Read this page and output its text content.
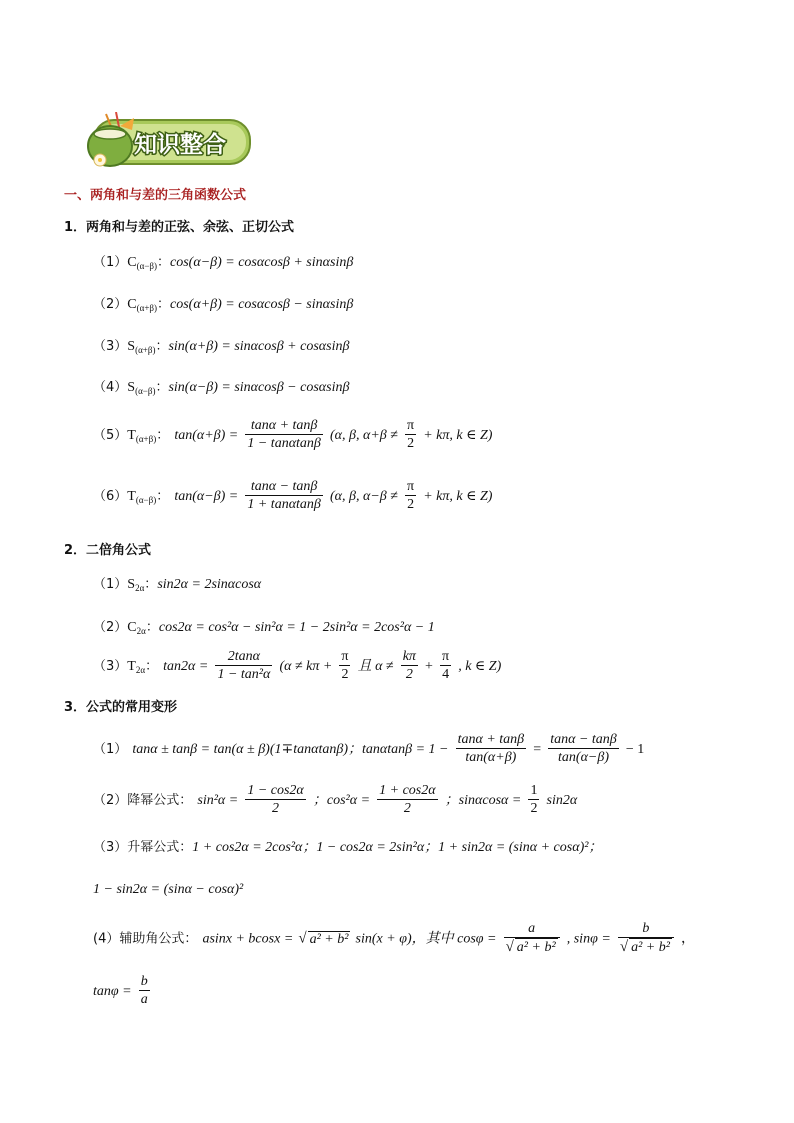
知识整合
一、两角和与差的三角函数公式
1．两角和与差的正弦、余弦、正切公式
$(1)C_{(\alpha-\beta)}$：cos(α−β) = cosαcosβ + sinαsinβ
$(2)C_{(\alpha+\beta)}$：cos(α+β) = cosαcosβ − sinαsinβ
$(3)S_{(\alpha+\beta)}$：sin(α+β) = sinαcosβ + cosαsinβ
$(4)S_{(\alpha-\beta)}$：sin(α−β) = sinαcosβ − cosαsinβ
$(5)T_{(\alpha+\beta)}$： $\tan(\alpha+\beta) = \frac{\tan\alpha + \tan\beta}{1 - \tan\alpha\tan\beta} (\alpha$, β, $\alpha+\beta \ne \frac{\pi}{2} + k\pi$, k ∈ Z)
$(6)T_{(\alpha-\beta)}$： $\tan(\alpha-\beta) = \frac{\tan\alpha - \tan\beta}{1 + \tan\alpha\tan\beta} (\alpha$, β, $\alpha-\beta \ne \frac{\pi}{2} + k\pi$, k ∈ Z)
2．二倍角公式
$(1)S_{2\alpha}$：sin2α = 2sinαcosα
$(2)C_{2\alpha}$：cos2α = cos²α − sin²α = 1 − 2sin²α = 2cos²α − 1
$(3)T_{2\alpha}$： $\tan 2\alpha = \frac{2\tan\alpha}{\text{1 − tan²α}} (\alpha \ne k\pi + \frac{\pi}{2}$ 且 $\alpha \ne \frac{k\pi}{2} + \frac{\pi}{4}$ , k ∈ Z)
3．公式的常用变形
（1） tanα ± tanβ = tan(α ± β)(1∓tanαtanβ)；$\tan\alpha\tan\beta = 1 - \frac{\tan\alpha + \tan\beta}{\tan(\alpha+\beta)} = \frac{\tan\alpha - \tan\beta}{\tan(\alpha-\beta)} - 1$
（2）降幂公式： $\sin^2\alpha = \frac{1 - \cos 2\alpha}{2}$ ；$\cos^2\alpha = \frac{1 + \cos 2\alpha}{2}$ ；$\sin\alpha\cos\alpha = \frac{1}{2} \sin 2\alpha$
（3）升幂公式：1 + cos2α = 2cos²α；1 − cos2α = 2sin²α；1 + sin2α = (sinα + cosα)²；
1 − sin2α = (sinα − cosα)²
(4）辅助角公式： asinx + bcosx = √ a² + b² sin(x + φ)，其中 $\cos\varphi = \frac{a}{\text{√ a² + b²}}$ , $\sin\varphi = \frac{b}{\text{√ a² + b²}}$ ，
$\tan\varphi = \frac{b}{a}$
